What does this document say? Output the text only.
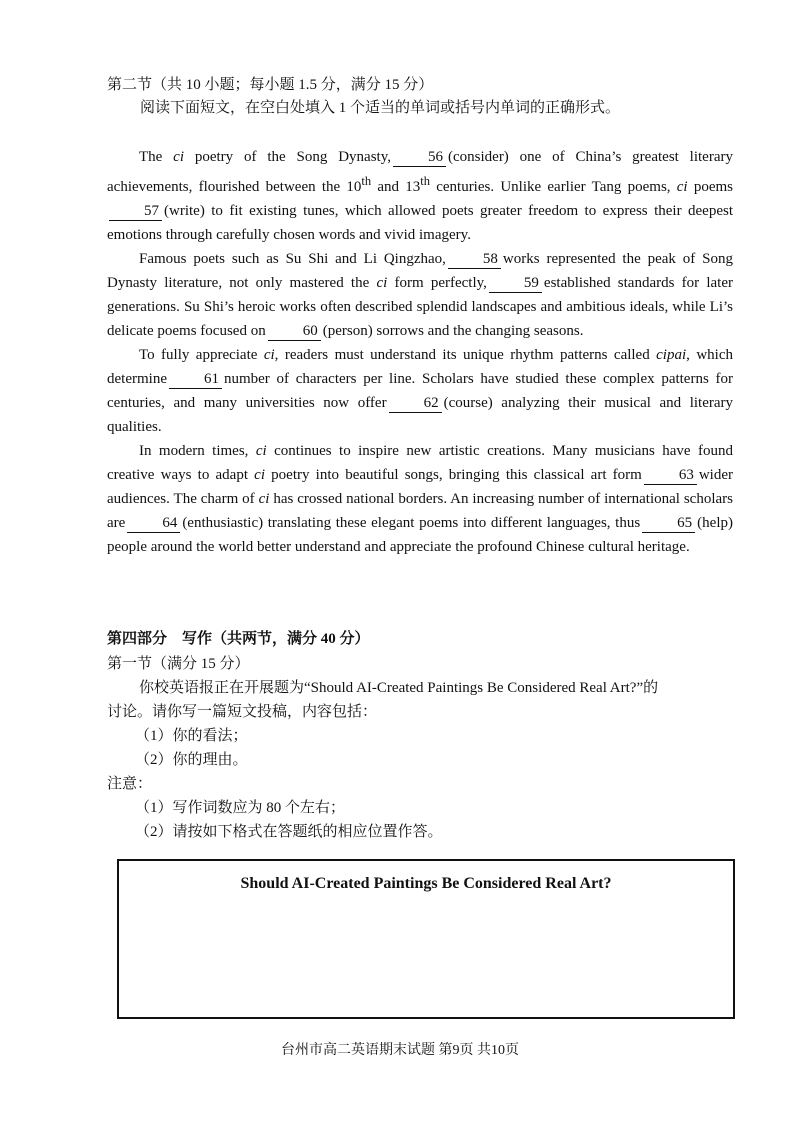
第二节（共 10 小题；每小题 1.5 分，满分 15 分）
阅读下面短文，在空白处填入 1 个适当的单词或括号内单词的正确形式。

The ci poetry of the Song Dynasty, 56 (consider) one of China’s greatest literary achievements, flourished between the 10th and 13th centuries. Unlike earlier Tang poems, ci poems57 (write) to fit existing tunes, which allowed poets greater freedom to express their deepest emotions through carefully chosen words and vivid imagery.

Famous poets such as Su Shi and Li Qingzhao, 58 works represented the peak of Song Dynasty literature, not only mastered the ci form perfectly, 59 established standards for later generations. Su Shi’s heroic works often described splendid landscapes and ambitious ideals, while Li’s delicate poems focused on 60 (person) sorrows and the changing seasons.

To fully appreciate ci, readers must understand its unique rhythm patterns called cipai, which determine 61 number of characters per line. Scholars have studied these complex patterns for centuries, and many universities now offer 62 (course) analyzing their musical and literary qualities.

In modern times, ci continues to inspire new artistic creations. Many musicians have found creative ways to adapt ci poetry into beautiful songs, bringing this classical art form 63 wider audiences. The charm of ci has crossed national borders. An increasing number of international scholars are 64 (enthusiastic) translating these elegant poems into different languages, thus 65 (help) people around the world better understand and appreciate the profound Chinese cultural heritage.

第四部分　写作（共两节，满分 40 分）
第一节（满分 15 分）
你校英语报正在开展题为“Should AI-Created Paintings Be Considered Real Art?”的
讨论。请你写一篇短文投稿，内容包括：
（1）你的看法；
（2）你的理由。
注意：
（1）写作词数应为 80 个左右；
（2）请按如下格式在答题纸的相应位置作答。
Should AI-Created Paintings Be Considered Real Art?
台州市高二英语期末试题 第9页 共10页
